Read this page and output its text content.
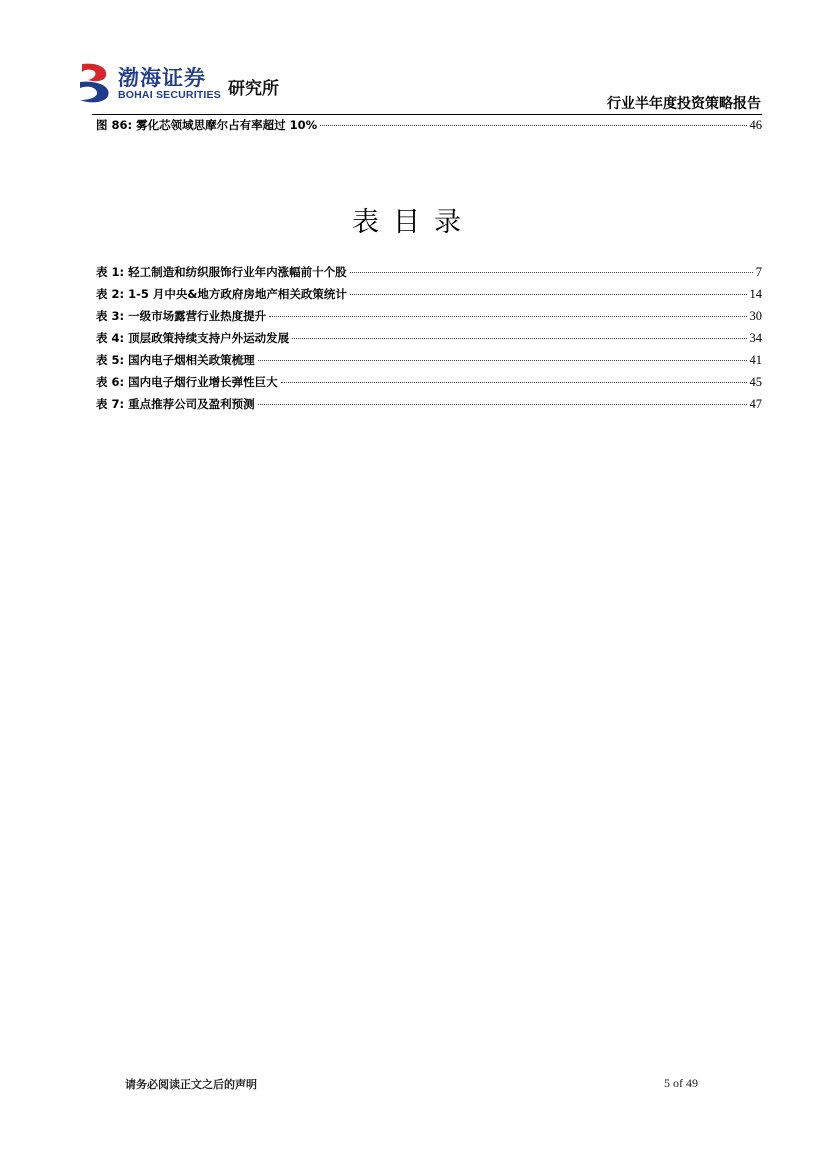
渤海证券
BOHAI SECURITIES 研究所
行业半年度投资策略报告
图 86: 雾化芯领域思摩尔占有率超过 10%	46
表目录
表 1: 轻工制造和纺织服饰行业年内涨幅前十个股	7
表 2: 1-5 月中央&地方政府房地产相关政策统计	14
表 3: 一级市场露营行业热度提升	30
表 4: 顶层政策持续支持户外运动发展	34
表 5: 国内电子烟相关政策梳理	41
表 6: 国内电子烟行业增长弹性巨大	45
表 7: 重点推荐公司及盈利预测	47
请务必阅读正文之后的声明	5 of 49
